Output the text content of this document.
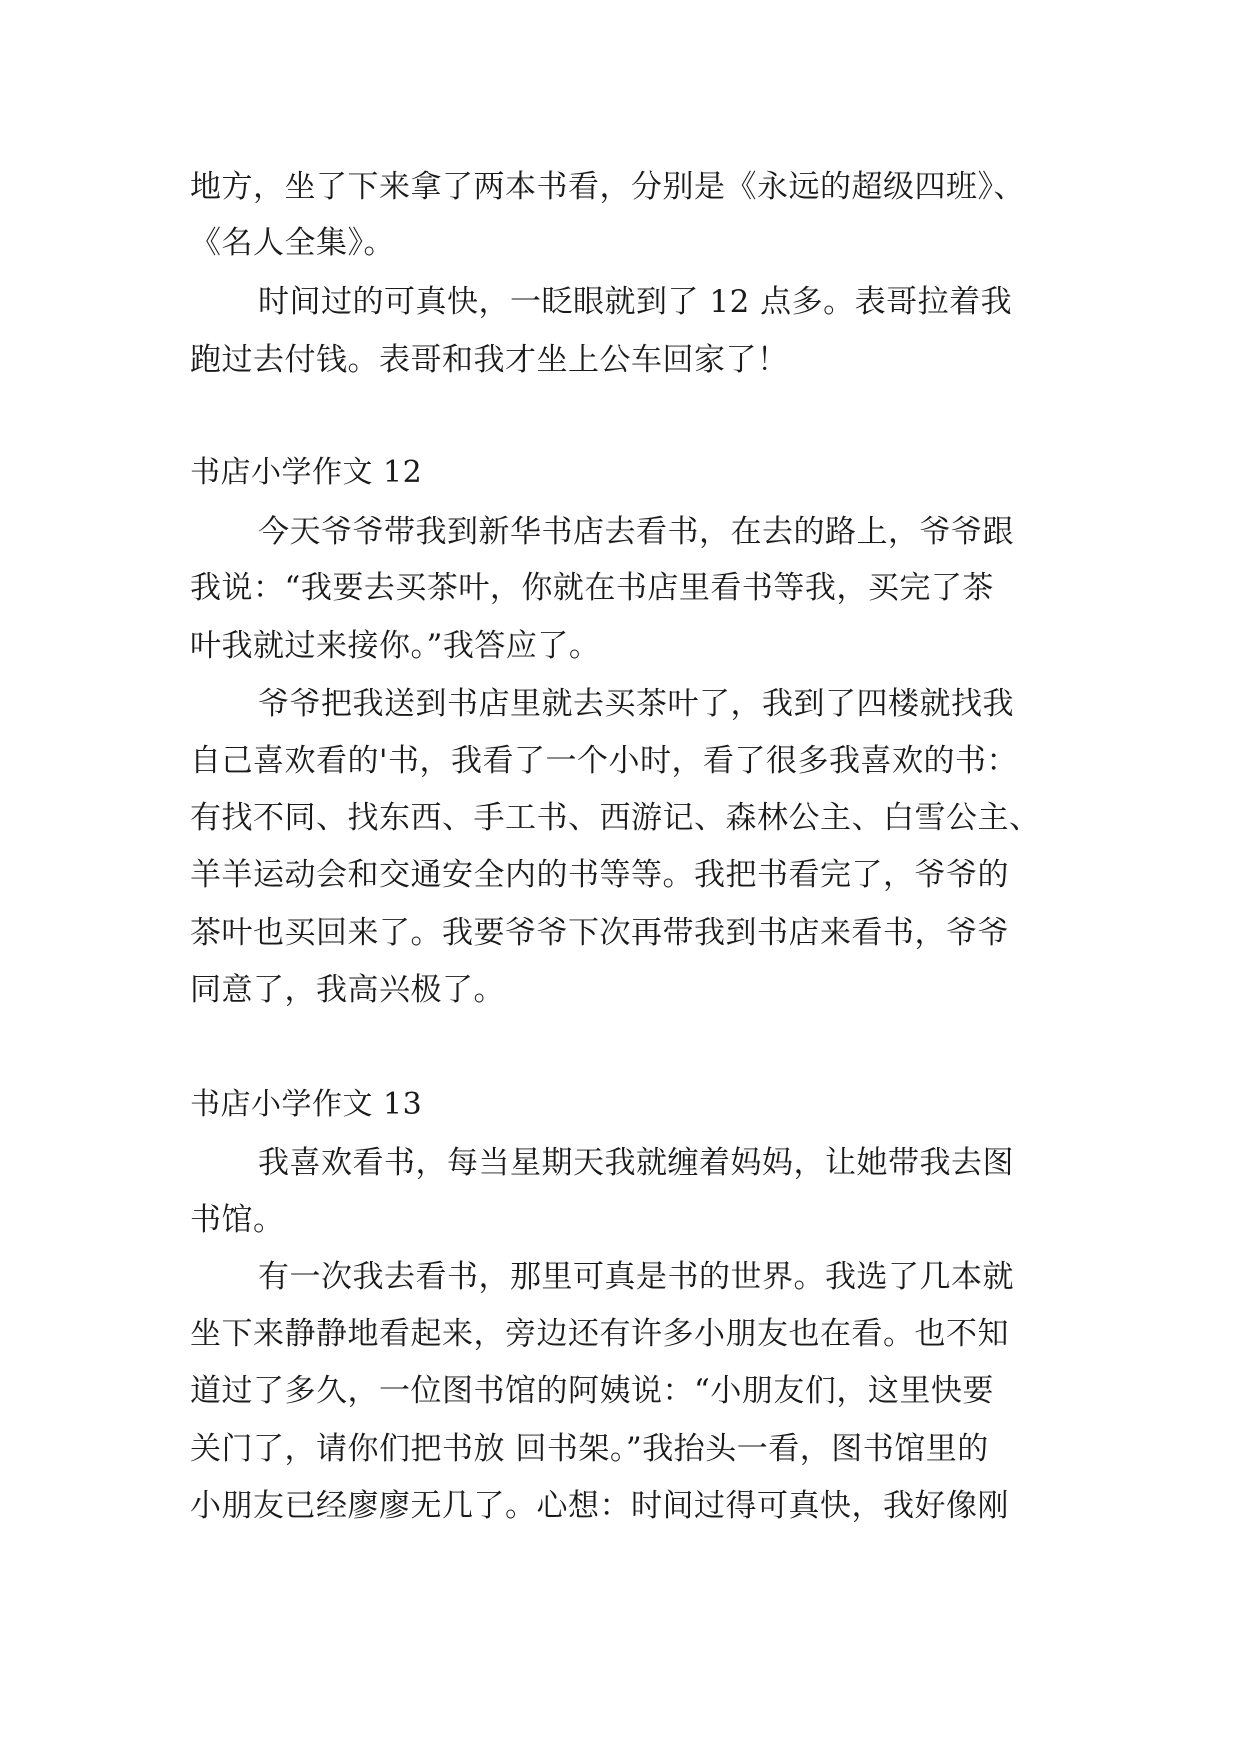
地方，坐了下来拿了两本书看，分别是《永远的超级四班》、
《名人全集》。
时间过的可真快，一眨眼就到了 12 点多。表哥拉着我
跑过去付钱。表哥和我才坐上公车回家了！
书店小学作文 12
今天爷爷带我到新华书店去看书，在去的路上，爷爷跟
我说：“我要去买茶叶，你就在书店里看书等我，买完了茶
叶我就过来接你。”我答应了。
爷爷把我送到书店里就去买茶叶了，我到了四楼就找我
自己喜欢看的'书，我看了一个小时，看了很多我喜欢的书：
有找不同、找东西、手工书、西游记、森林公主、白雪公主、
羊羊运动会和交通安全内的书等等。我把书看完了，爷爷的
茶叶也买回来了。我要爷爷下次再带我到书店来看书，爷爷
同意了，我高兴极了。
书店小学作文 13
我喜欢看书，每当星期天我就缠着妈妈，让她带我去图
书馆。
有一次我去看书，那里可真是书的世界。我选了几本就
坐下来静静地看起来，旁边还有许多小朋友也在看。也不知
道过了多久，一位图书馆的阿姨说：“小朋友们，这里快要
关门了，请你们把书放 回书架。”我抬头一看，图书馆里的
小朋友已经廖廖无几了。心想：时间过得可真快，我好像刚
